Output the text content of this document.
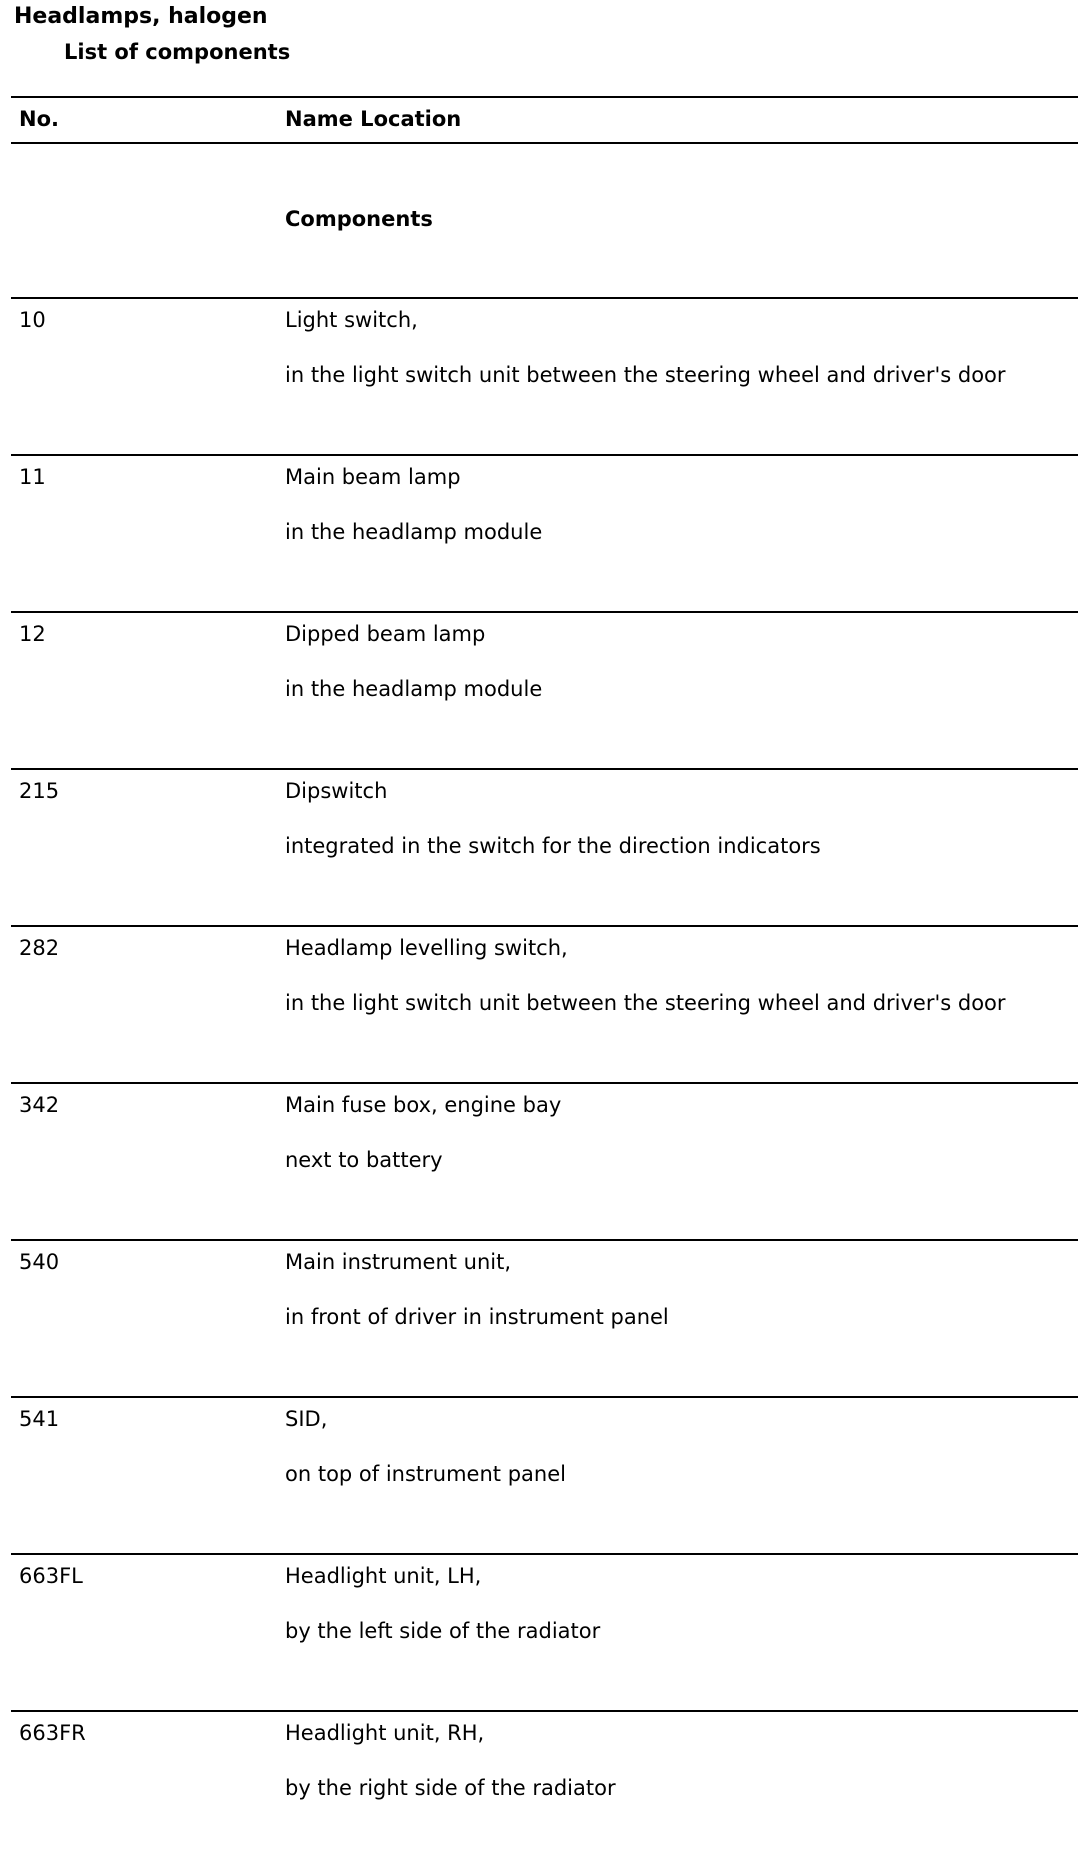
Headlamps, halogen
List of components
No.	Name Location
Components
10	Light switch,
in the light switch unit between the steering wheel and driver's door
11	Main beam lamp
in the headlamp module
12	Dipped beam lamp
in the headlamp module
215	Dipswitch
integrated in the switch for the direction indicators
282	Headlamp levelling switch,
in the light switch unit between the steering wheel and driver's door
342	Main fuse box, engine bay
next to battery
540	Main instrument unit,
in front of driver in instrument panel
541	SID,
on top of instrument panel
663FL	Headlight unit, LH,
by the left side of the radiator
663FR	Headlight unit, RH,
by the right side of the radiator
